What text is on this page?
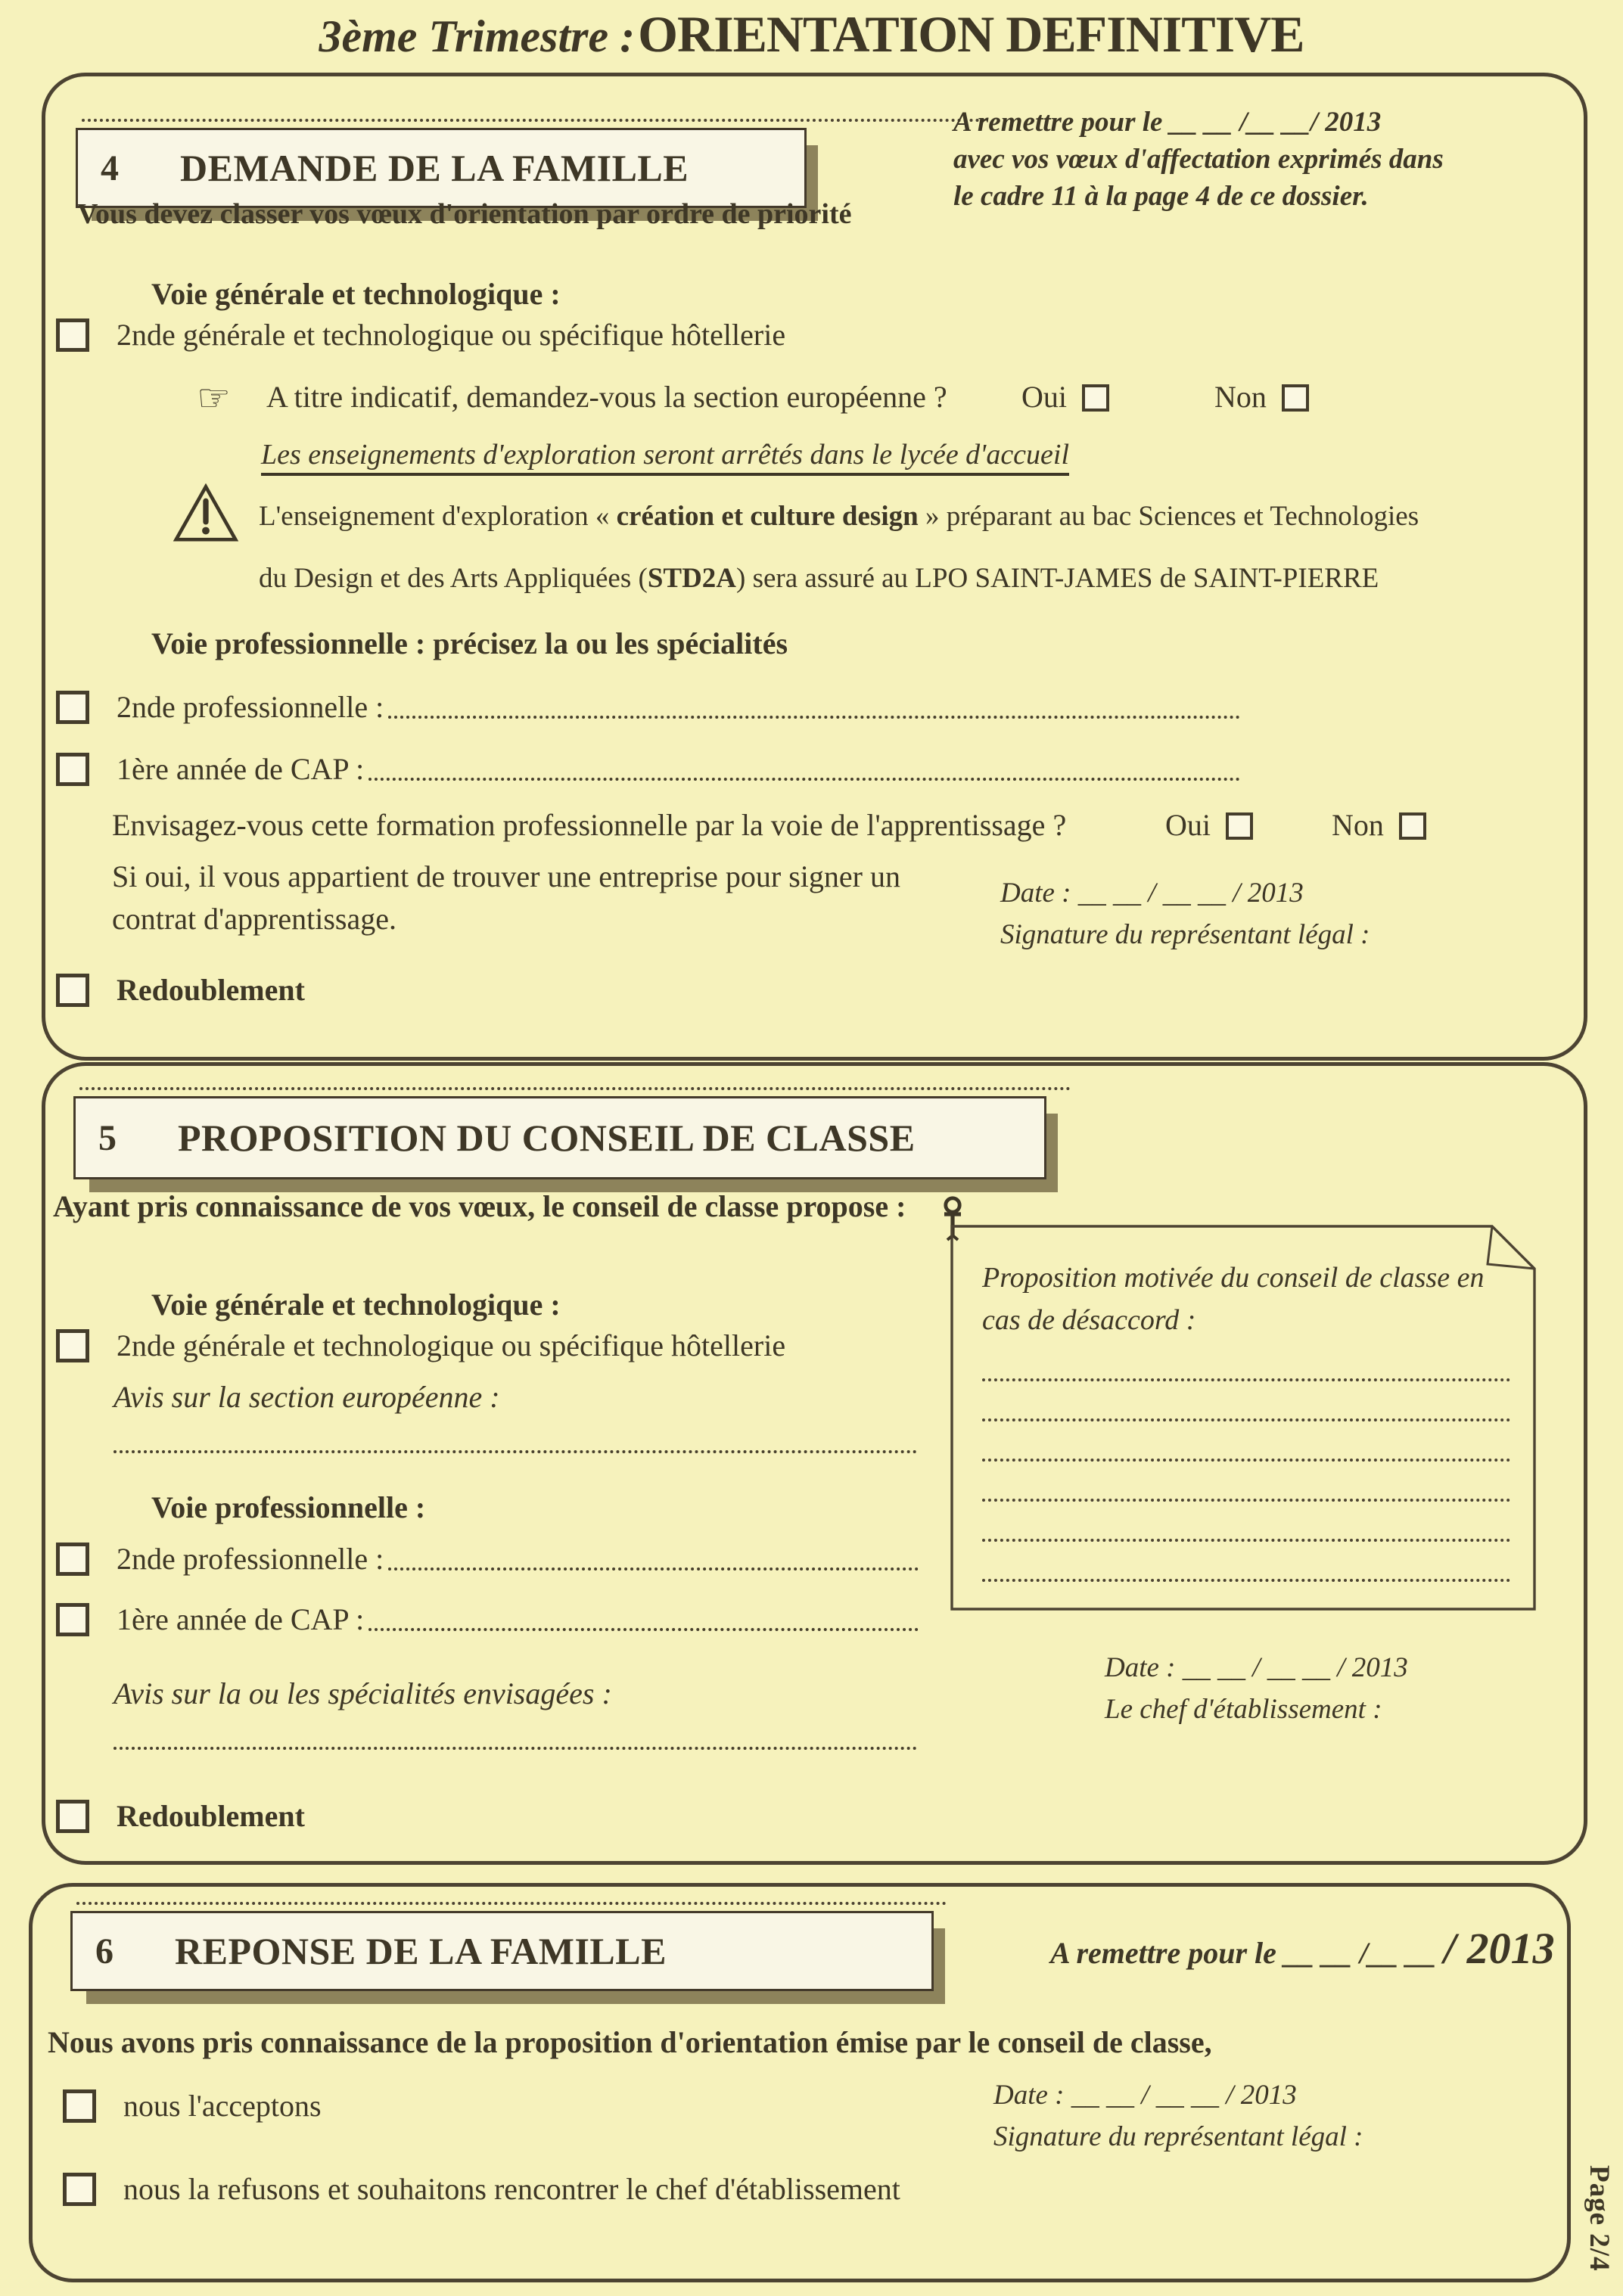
3ème Trimestre : ORIENTATION DEFINITIVE
4	DEMANDE DE LA FAMILLE
A remettre pour le __ __ /__ __/ 2013
avec vos vœux d'affectation exprimés dans
le cadre 11 à la page 4 de ce dossier.
Vous devez classer vos vœux d'orientation par ordre de priorité
Voie générale et technologique :
2nde générale et technologique ou spécifique hôtellerie
☞ A titre indicatif, demandez-vous la section européenne ? Oui	Non
Les enseignements d'exploration seront arrêtés dans le lycée d'accueil
L'enseignement d'exploration « création et culture design » préparant au bac Sciences et Technologies
du Design et des Arts Appliquées (STD2A) sera assuré au LPO SAINT-JAMES de SAINT-PIERRE
Voie professionnelle : précisez la ou les spécialités
2nde professionnelle :
1ère année de CAP :
Envisagez-vous cette formation professionnelle par la voie de l'apprentissage ?	Oui	Non
Si oui, il vous appartient de trouver une entreprise pour signer un
contrat d'apprentissage.
Date : __ __ / __ __ / 2013
Signature du représentant légal :
Redoublement
5	PROPOSITION DU CONSEIL DE CLASSE
Ayant pris connaissance de vos vœux, le conseil de classe propose :
Proposition motivée du conseil de classe en
cas de désaccord :
Voie générale et technologique :
2nde générale et technologique ou spécifique hôtellerie
Avis sur la section européenne :
Voie professionnelle :
2nde professionnelle :
1ère année de CAP :
Avis sur la ou les spécialités envisagées :
Date : __ __ / __ __ / 2013
Le chef d'établissement :
Redoublement
6	REPONSE DE LA FAMILLE	A remettre pour le __ __ /__ __ / 2013
Nous avons pris connaissance de la proposition d'orientation émise par le conseil de classe,
nous l'acceptons	Date : __ __ / __ __ / 2013
Signature du représentant légal :
nous la refusons et souhaitons rencontrer le chef d'établissement	Page 2/4
